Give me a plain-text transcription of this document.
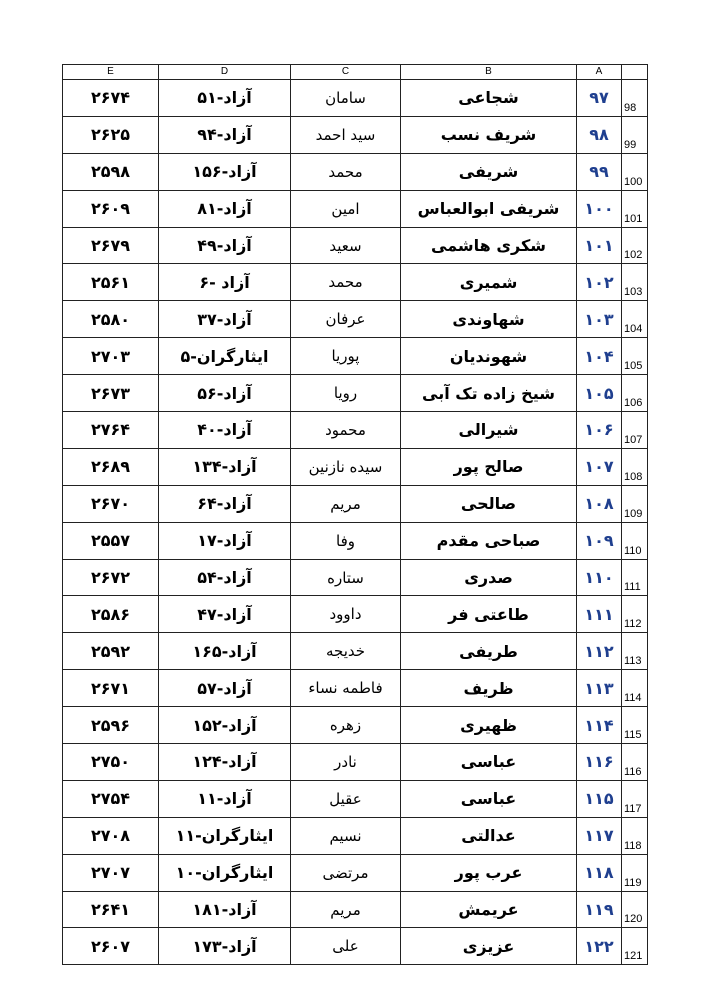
E	D	C	B	A	
۲۶۷۴	آزاد-۵۱	سامان	شجاعی	۹۷	98
۲۶۲۵	آزاد-۹۴	سید احمد	شریف نسب	۹۸	99
۲۵۹۸	آزاد-۱۵۶	محمد	شریفی	۹۹	100
۲۶۰۹	آزاد-۸۱	امین	شریفی ابوالعباس	۱۰۰	101
۲۶۷۹	آزاد-۴۹	سعید	شکری هاشمی	۱۰۱	102
۲۵۶۱	آزاد -۶	محمد	شمیری	۱۰۲	103
۲۵۸۰	آزاد-۳۷	عرفان	شهاوندی	۱۰۳	104
۲۷۰۳	ایثارگران-۵	پوریا	شهوندیان	۱۰۴	105
۲۶۷۳	آزاد-۵۶	رویا	شیخ زاده تک آبی	۱۰۵	106
۲۷۶۴	آزاد-۴۰	محمود	شیرالی	۱۰۶	107
۲۶۸۹	آزاد-۱۳۴	سیده نازنین	صالح پور	۱۰۷	108
۲۶۷۰	آزاد-۶۴	مریم	صالحی	۱۰۸	109
۲۵۵۷	آزاد-۱۷	وفا	صباحی مقدم	۱۰۹	110
۲۶۷۲	آزاد-۵۴	ستاره	صدری	۱۱۰	111
۲۵۸۶	آزاد-۴۷	داوود	طاعتی فر	۱۱۱	112
۲۵۹۲	آزاد-۱۶۵	خدیجه	طریفی	۱۱۲	113
۲۶۷۱	آزاد-۵۷	فاطمه نساء	ظریف	۱۱۳	114
۲۵۹۶	آزاد-۱۵۲	زهره	ظهیری	۱۱۴	115
۲۷۵۰	آزاد-۱۲۴	نادر	عباسی	۱۱۶	116
۲۷۵۴	آزاد-۱۱	عقیل	عباسی	۱۱۵	117
۲۷۰۸	ایثارگران-۱۱	نسیم	عدالتی	۱۱۷	118
۲۷۰۷	ایثارگران-۱۰	مرتضی	عرب پور	۱۱۸	119
۲۶۴۱	آزاد-۱۸۱	مریم	عریمش	۱۱۹	120
۲۶۰۷	آزاد-۱۷۳	علی	عزیزی	۱۲۲	121
